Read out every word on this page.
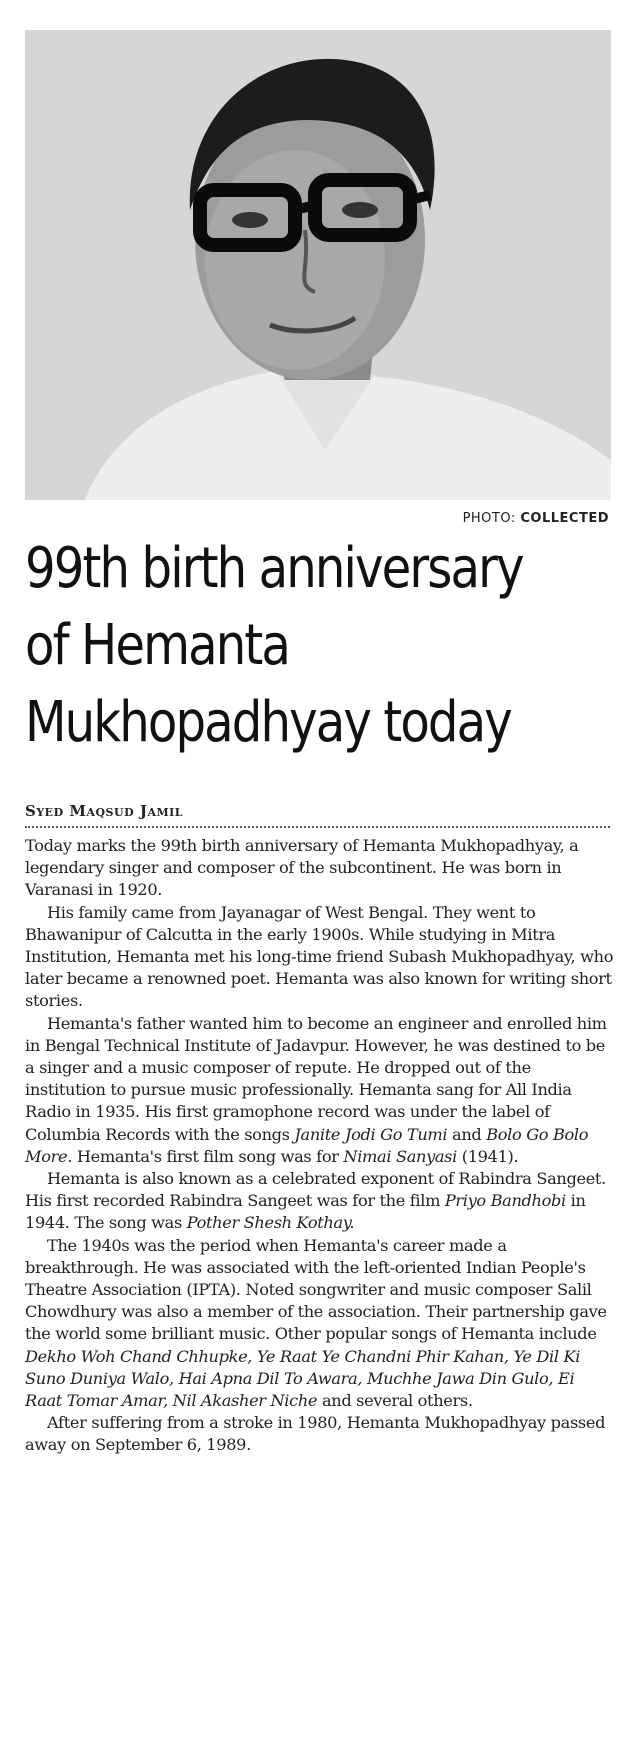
PHOTO: COLLECTED
99th birth anniversary
of Hemanta
Mukhopadhyay today
Syed Maqsud Jamil

Today marks the 99th birth anniversary of Hemanta Mukhopadhyay, a legendary singer and composer of the subcontinent. He was born in Varanasi in 1920.

His family came from Jayanagar of West Bengal. They went to Bhawanipur of Calcutta in the early 1900s. While studying in Mitra Institution, Hemanta met his long-time friend Subash Mukhopadhyay, who later became a renowned poet. Hemanta was also known for writing short stories.

Hemanta's father wanted him to become an engineer and enrolled him in Bengal Technical Institute of Jadavpur. However, he was destined to be a singer and a music composer of repute. He dropped out of the institution to pursue music professionally. Hemanta sang for All India Radio in 1935. His first gramophone record was under the label of Columbia Records with the songs Janite Jodi Go Tumi and Bolo Go Bolo More. Hemanta's first film song was for Nimai Sanyasi (1941).

Hemanta is also known as a celebrated exponent of Rabindra Sangeet. His first recorded Rabindra Sangeet was for the film Priyo Bandhobi in 1944. The song was Pother Shesh Kothay.

The 1940s was the period when Hemanta's career made a breakthrough. He was associated with the left-oriented Indian People's Theatre Association (IPTA). Noted songwriter and music composer Salil Chowdhury was also a member of the association. Their partnership gave the world some brilliant music. Other popular songs of Hemanta include Dekho Woh Chand Chhupke, Ye Raat Ye Chandni Phir Kahan, Ye Dil Ki Suno Duniya Walo, Hai Apna Dil To Awara, Muchhe Jawa Din Gulo, Ei Raat Tomar Amar, Nil Akasher Niche and several others.

After suffering from a stroke in 1980, Hemanta Mukhopadhyay passed away on September 6, 1989.
